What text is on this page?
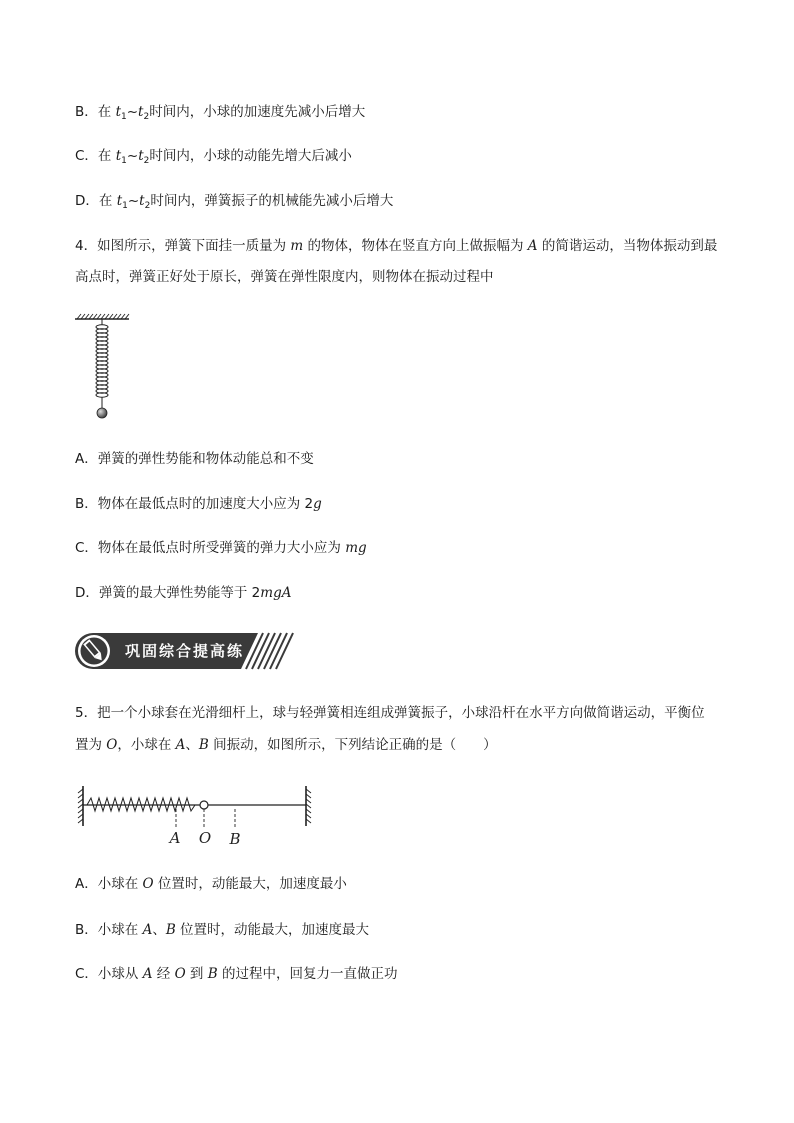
B．在 $t_1\sim t_2$时间内，小球的加速度先减小后增大
C．在 $t_1\sim t_2$时间内，小球的动能先增大后减小
D．在 $t_1\sim t_2$时间内，弹簧振子的机械能先减小后增大
4．如图所示，弹簧下面挂一质量为 m 的物体，物体在竖直方向上做振幅为 A 的简谐运动，当物体振动到最
高点时，弹簧正好处于原长，弹簧在弹性限度内，则物体在振动过程中
A．弹簧的弹性势能和物体动能总和不变
B．物体在最低点时的加速度大小应为 2g
C．物体在最低点时所受弹簧的弹力大小应为 mg
D．弹簧的最大弹性势能等于 2mgA
巩固综合提高练
5．把一个小球套在光滑细杆上，球与轻弹簧相连组成弹簧振子，小球沿杆在水平方向做简谐运动，平衡位
置为 O，小球在 A、B 间振动，如图所示，下列结论正确的是（　　）
A O B
A．小球在 O 位置时，动能最大，加速度最小
B．小球在 A、B 位置时，动能最大，加速度最大
C．小球从 A 经 O 到 B 的过程中，回复力一直做正功
